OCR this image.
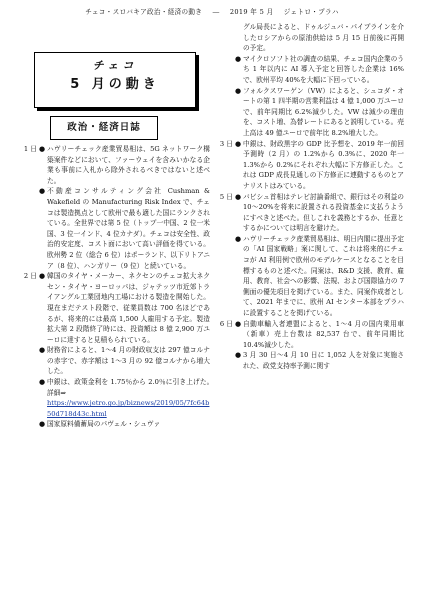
チェコ・スロバキア政治・経済の動き ― 2019 年 5 月 ジェトロ・プラハ
チェコ
5 月の動き
政治・経済日誌
1 日 ● ハヴリーチェック産業貿易相は、5G ネットワーク構築案件などにおいて、ファーウェイを含みいかなる企業も事前に入札から除外されるべきではないと述べた。

● 不動産コンサルティング会社 Cushman & Wakefield の Manufacturing Risk Index で、チェコは製造拠点として欧州で最も適した国にランクされている。全世界では第 5 位（トップ一中国、2 位一米国、3 位一インド、4 位カナダ）。チェコは安全性、政治的安定度、コスト面において高い評価を得ている。欧州勢 2 位（総合 6 位）はポーランド、以下リトアニア（8 位）、ハンガリー（9 位）と続いている。

2 日 ● 韓国のタイヤ・メーカー、ネクセンのチェコ拡大ネクセン・タイヤ・ヨーロッパは、ジャテッツ市近郊トライアングル工業団地内工場における製造を開始した。現在まだテスト段階で、従業員数は 700 名ほどであるが、将来的には最高 1,500 人雇用する予定。製造拡大第 2 段階終了時には、投資額は 8 億 2,900 万ユーロに達すると見積もられている。

● 財務省によると、1〜4 月の財政収支は 297 億コルナの赤字で、赤字額は 1〜3 月の 92 億コルナから増大した。

● 中銀は、政策金利を 1.75％から 2.0％に引き上げた。　詳細⇒
https://www.jetro.go.jp/biznews/2019/05/7fc64b50d718d43c.html

● 国家原料備蓄局のパヴェル・シュヴァ

グル局長によると、ドゥルジュバ・パイプラインを介したロシアからの原油供給は 5 月 15 日前後に再開の予定。

● マイクロソフト社の調査の結果、チェコ国内企業のうち 1 年以内に AI 導入予定と回答した企業は 16%で、欧州平均 40%を大幅に下回っている。

● フォルクスワーゲン（VW）によると、シュコダ・オートの第 1 四半期の営業利益は 4 億 1,000 万ユーロで、前年同期比 6.2%減少した。VW は減少の理由を、コスト増、為替レートにあると説明している。売上高は 49 億ユーロで前年比 8.2%増大した。

3 日 ● 中銀は、財政黒字の GDP 比予想を、2019 年一前回予測時（2 月）の 1.2%から 0.3%に、2020 年一1.3%から 0.2%にそれぞれ大幅に下方修正した。これは GDP 成長見通しの下方修正に連動するものとアナリストはみている。

5 日 ● バビシュ首相はテレビ討論番組で、銀行はその利益の 10〜20%を将来に設置される投資基金に支払うようにすべきと述べた。但しこれを義務とするか、任意とするかについては明言を避けた。

● ハヴリーチェック産業貿易相は、明日内閣に提出予定の「AI 国家戦略」案に関して、これは将来的にチェコが AI 利用例で欧州のモデルケースとなることを目標するものと述べた。同案は、R&D 支援、教育、雇用、教育、社会への影響、法規、および国際協力の 7 側面の優先項目を掲げている。また、同案作成者として、2021 年までに、欧州 AI センター本部をプラハに設置することを掲げている。

6 日 ● 自動車輸入者連盟によると、1〜4 月の国内乗用車（新車）売上台数は 82,537 台で、前年同期比 10.4%減少した。

● 3 月 30 日〜4 月 10 日に 1,052 人を対象に実施された、政党支持率予測に関す
